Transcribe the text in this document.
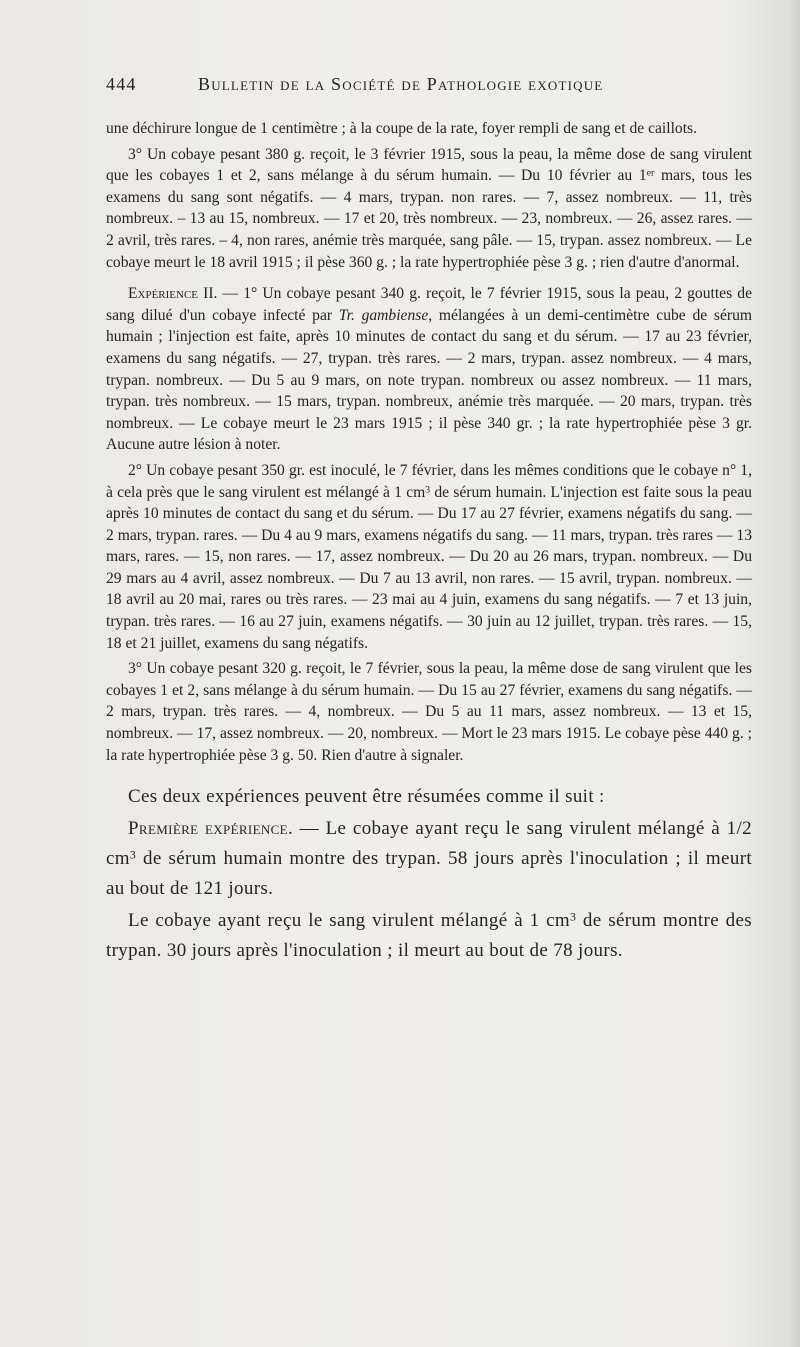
444	Bulletin de la Société de Pathologie exotique

une déchirure longue de 1 centimètre ; à la coupe de la rate, foyer rempli de sang et de caillots.

3° Un cobaye pesant 380 g. reçoit, le 3 février 1915, sous la peau, la même dose de sang virulent que les cobayes 1 et 2, sans mélange à du sérum humain. — Du 10 février au 1er mars, tous les examens du sang sont négatifs. — 4 mars, trypan. non rares. — 7, assez nombreux. — 11, très nombreux. – 13 au 15, nombreux. — 17 et 20, très nombreux. — 23, nombreux. — 26, assez rares. — 2 avril, très rares. – 4, non rares, anémie très marquée, sang pâle. — 15, trypan. assez nombreux. — Le cobaye meurt le 18 avril 1915 ; il pèse 360 g. ; la rate hypertrophiée pèse 3 g. ; rien d'autre d'anormal.

Expérience II. — 1° Un cobaye pesant 340 g. reçoit, le 7 février 1915, sous la peau, 2 gouttes de sang dilué d'un cobaye infecté par Tr. gambiense, mélangées à un demi-centimètre cube de sérum humain ; l'injection est faite, après 10 minutes de contact du sang et du sérum. — 17 au 23 février, examens du sang négatifs. — 27, trypan. très rares. — 2 mars, trypan. assez nombreux. — 4 mars, trypan. nombreux. — Du 5 au 9 mars, on note trypan. nombreux ou assez nombreux. — 11 mars, trypan. très nombreux. — 15 mars, trypan. nombreux, anémie très marquée. — 20 mars, trypan. très nombreux. — Le cobaye meurt le 23 mars 1915 ; il pèse 340 gr. ; la rate hypertrophiée pèse 3 gr. Aucune autre lésion à noter.

2° Un cobaye pesant 350 gr. est inoculé, le 7 février, dans les mêmes conditions que le cobaye n° 1, à cela près que le sang virulent est mélangé à 1 $cm^3$ de sérum humain. L'injection est faite sous la peau après 10 minutes de contact du sang et du sérum. — Du 17 au 27 février, examens négatifs du sang. — 2 mars, trypan. rares. — Du 4 au 9 mars, examens négatifs du sang. — 11 mars, trypan. très rares — 13 mars, rares. — 15, non rares. — 17, assez nombreux. — Du 20 au 26 mars, trypan. nombreux. — Du 29 mars au 4 avril, assez nombreux. — Du 7 au 13 avril, non rares. — 15 avril, trypan. nombreux. — 18 avril au 20 mai, rares ou très rares. — 23 mai au 4 juin, examens du sang négatifs. — 7 et 13 juin, trypan. très rares. — 16 au 27 juin, examens négatifs. — 30 juin au 12 juillet, trypan. très rares. — 15, 18 et 21 juillet, examens du sang négatifs.

3° Un cobaye pesant 320 g. reçoit, le 7 février, sous la peau, la même dose de sang virulent que les cobayes 1 et 2, sans mélange à du sérum humain. — Du 15 au 27 février, examens du sang négatifs. — 2 mars, trypan. très rares. — 4, nombreux. — Du 5 au 11 mars, assez nombreux. — 13 et 15, nombreux. — 17, assez nombreux. — 20, nombreux. — Mort le 23 mars 1915. Le cobaye pèse 440 g. ; la rate hypertrophiée pèse 3 g. 50. Rien d'autre à signaler.

Ces deux expériences peuvent être résumées comme il suit :

Première expérience. — Le cobaye ayant reçu le sang virulent mélangé à 1/2 $cm^3$ de sérum humain montre des trypan. 58 jours après l'inoculation ; il meurt au bout de 121 jours.

Le cobaye ayant reçu le sang virulent mélangé à 1 $cm^3$ de sérum montre des trypan. 30 jours après l'inoculation ; il meurt au bout de 78 jours.
